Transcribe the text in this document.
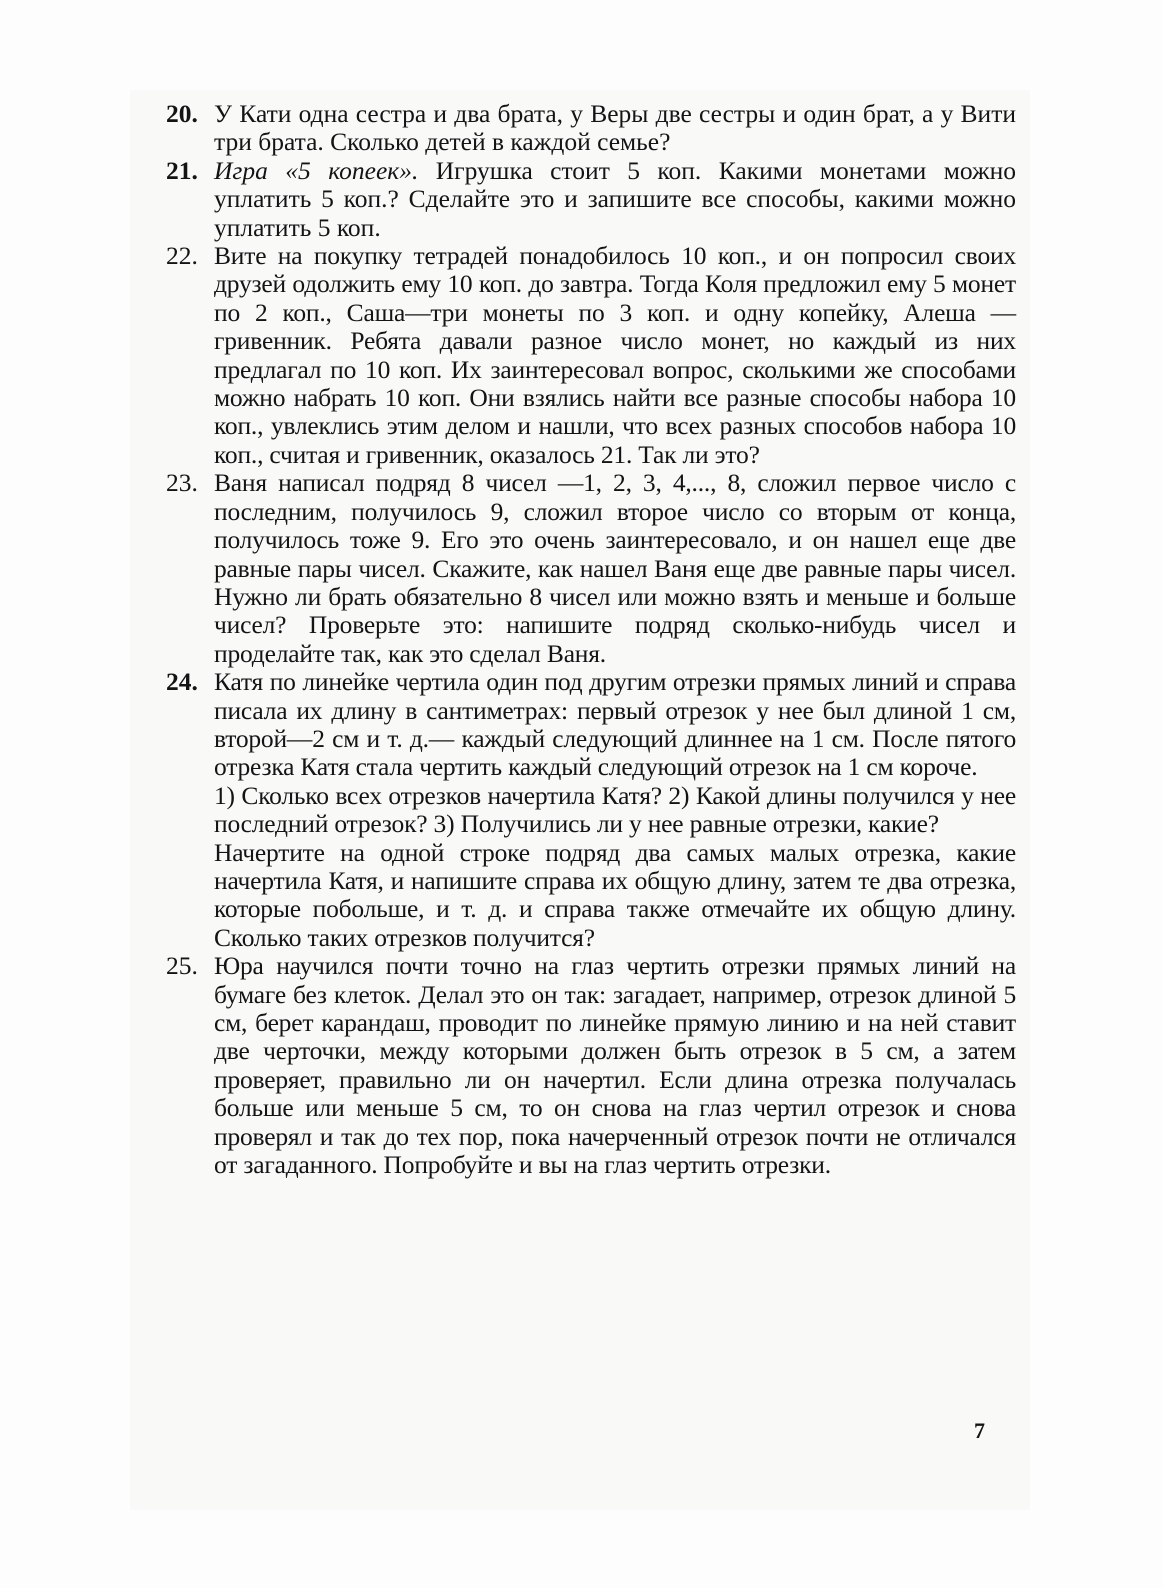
20. У Кати одна сестра и два брата, у Веры две сестры и один брат, а у Вити три брата. Сколько детей в каждой семье?

21. Игра «5 копеек». Игрушка стоит 5 коп. Какими монетами можно уплатить 5 коп.? Сделайте это и запишите все способы, какими можно уплатить 5 коп.

22. Вите на покупку тетрадей понадобилось 10 коп., и он попросил своих друзей одолжить ему 10 коп. до завтра. Тогда Коля предложил ему 5 монет по 2 коп., Саша—три монеты по 3 коп. и одну копейку, Алеша — гривенник. Ребята давали разное число монет, но каждый из них предлагал по 10 коп. Их заинтересовал вопрос, сколькими же способами можно набрать 10 коп. Они взялись найти все разные способы набора 10 коп., увлеклись этим делом и нашли, что всех разных способов набора 10 коп., считая и гривенник, оказалось 21. Так ли это?

23. Ваня написал подряд 8 чисел —1, 2, 3, 4,..., 8, сложил первое число с последним, получилось 9, сложил второе число со вторым от конца, получилось тоже 9. Его это очень заинтересовало, и он нашел еще две равные пары чисел. Скажите, как нашел Ваня еще две равные пары чисел. Нужно ли брать обязательно 8 чисел или можно взять и меньше и больше чисел? Проверьте это: напишите подряд сколько-нибудь чисел и проделайте так, как это сделал Ваня.

24. Катя по линейке чертила один под другим отрезки прямых линий и справа писала их длину в сантиметрах: первый отрезок у нее был длиной 1 см, второй—2 см и т. д.— каждый следующий длиннее на 1 см. После пятого отрезка Катя стала чертить каждый следующий отрезок на 1 см короче.

1) Сколько всех отрезков начертила Катя? 2) Какой длины получился у нее последний отрезок? 3) Получились ли у нее равные отрезки, какие?

Начертите на одной строке подряд два самых малых отрезка, какие начертила Катя, и напишите справа их общую длину, затем те два отрезка, которые побольше, и т. д. и справа также отмечайте их общую длину. Сколько таких отрезков получится?

25. Юра научился почти точно на глаз чертить отрезки прямых линий на бумаге без клеток. Делал это он так: загадает, например, отрезок длиной 5 см, берет карандаш, проводит по линейке прямую линию и на ней ставит две черточки, между которыми должен быть отрезок в 5 см, а затем проверяет, правильно ли он начертил. Если длина отрезка получалась больше или меньше 5 см, то он снова на глаз чертил отрезок и снова проверял и так до тех пор, пока начерченный отрезок почти не отличался от загаданного. Попробуйте и вы на глаз чертить отрезки.

7
